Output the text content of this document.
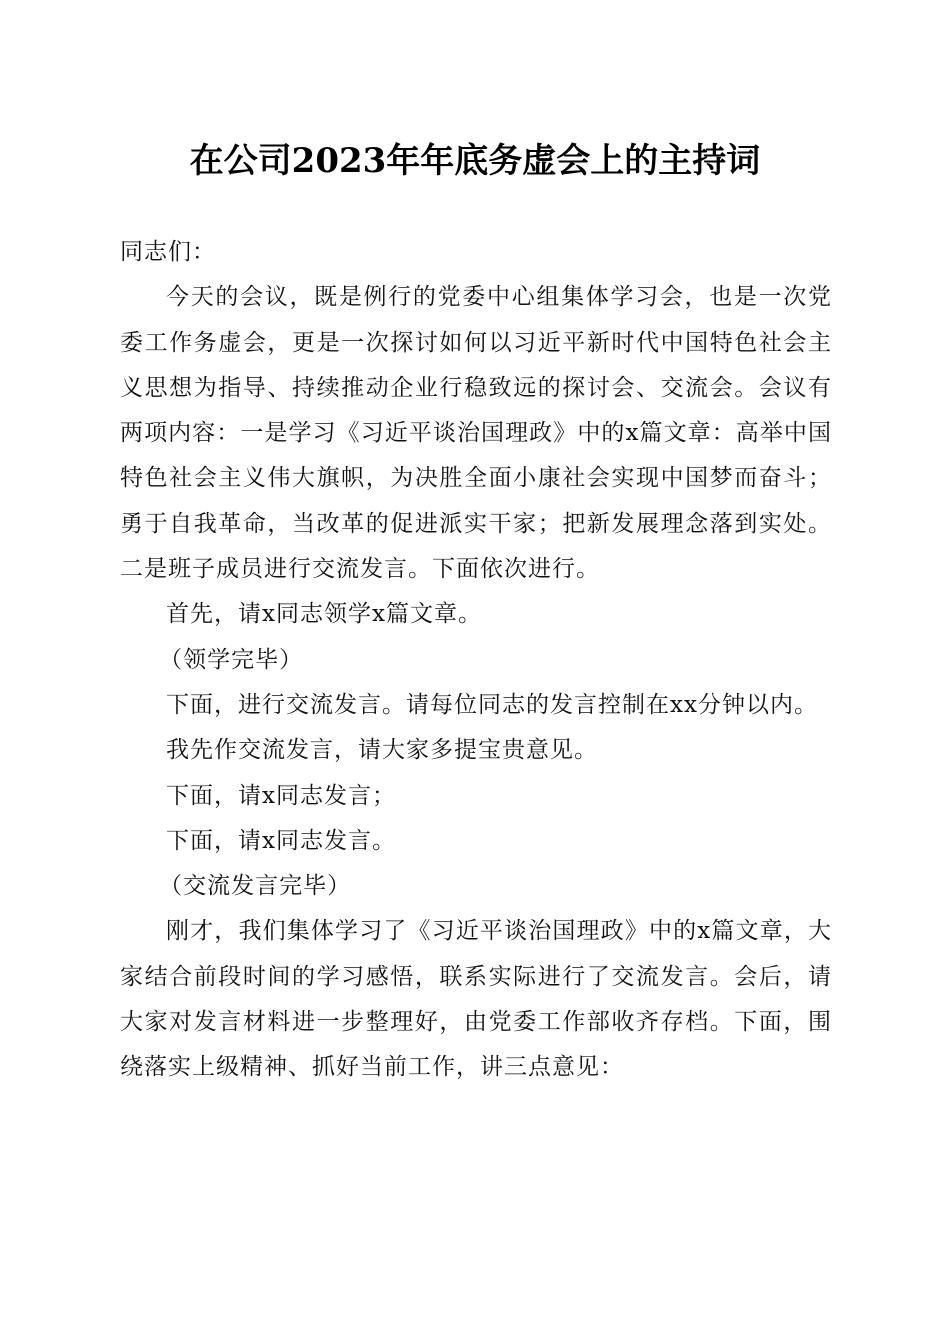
在公司2023年年底务虚会上的主持词

同志们：

今天的会议，既是例行的党委中心组集体学习会，也是一次党委工作务虚会，更是一次探讨如何以习近平新时代中国特色社会主义思想为指导、持续推动企业行稳致远的探讨会、交流会。会议有两项内容：一是学习《习近平谈治国理政》中的x篇文章：高举中国特色社会主义伟大旗帜，为决胜全面小康社会实现中国梦而奋斗；勇于自我革命，当改革的促进派实干家；把新发展理念落到实处。二是班子成员进行交流发言。下面依次进行。

首先，请x同志领学x篇文章。

（领学完毕）

下面，进行交流发言。请每位同志的发言控制在xx分钟以内。

我先作交流发言，请大家多提宝贵意见。

下面，请x同志发言；

下面，请x同志发言。

（交流发言完毕）

刚才，我们集体学习了《习近平谈治国理政》中的x篇文章，大家结合前段时间的学习感悟，联系实际进行了交流发言。会后，请大家对发言材料进一步整理好，由党委工作部收齐存档。下面，围绕落实上级精神、抓好当前工作，讲三点意见：
